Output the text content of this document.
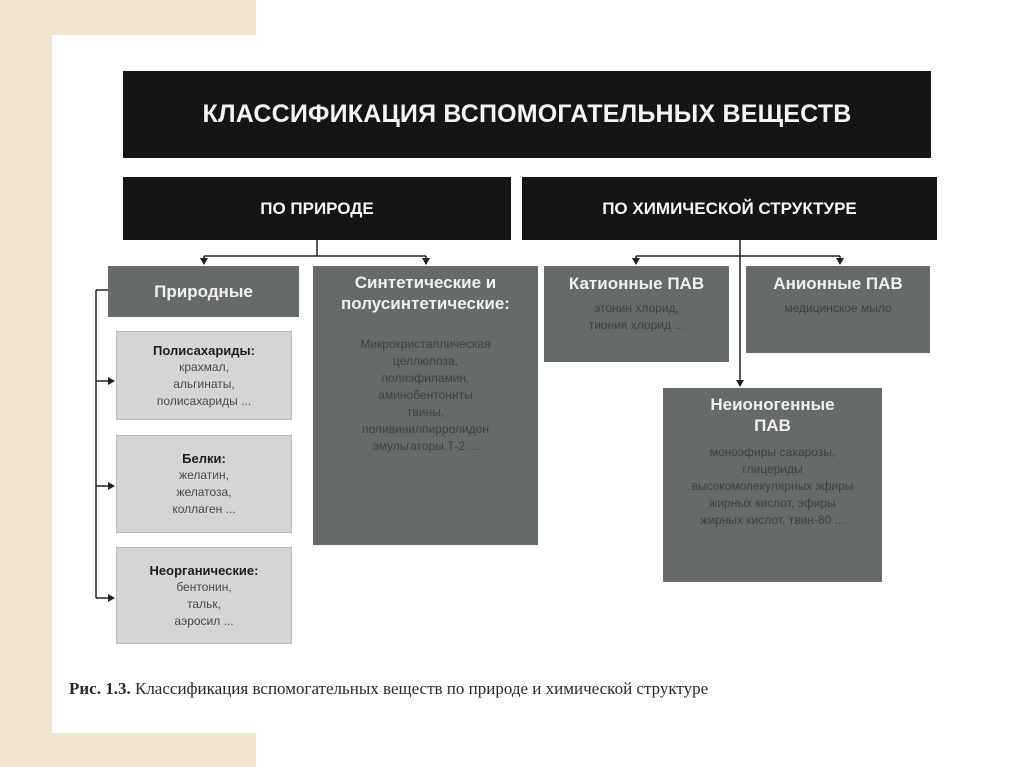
КЛАССИФИКАЦИЯ ВСПОМОГАТЕЛЬНЫХ ВЕЩЕСТВ
ПО ПРИРОДЕ	ПО ХИМИЧЕСКОЙ СТРУКТУРЕ
Природные
Полисахариды:
крахмал,
альгинаты,
полисахариды ...
Белки:
желатин,
желатоза,
коллаген ...
Неорганические:
бентонин,
тальк,
аэросил ...
Синтетические и
полусинтетические:
Микрокристаллическая
целлюлоза,
полиэфиламин,
аминобентониты
твины,
поливинилпирролидон
эмульгаторы Т-2 ...
Катионные ПАВ
этонин хлорид,
тиония хлорид ...
Анионные ПАВ
медицинское мыло
Неионогенные
ПАВ
моноэфиры сахарозы,
глицериды
высокомолекулярных эфиры
жирных кислот, эфиры
жирных кислот, твин-80 ...
Рис. 1.3. Классификация вспомогательных веществ по природе и химической структуре
